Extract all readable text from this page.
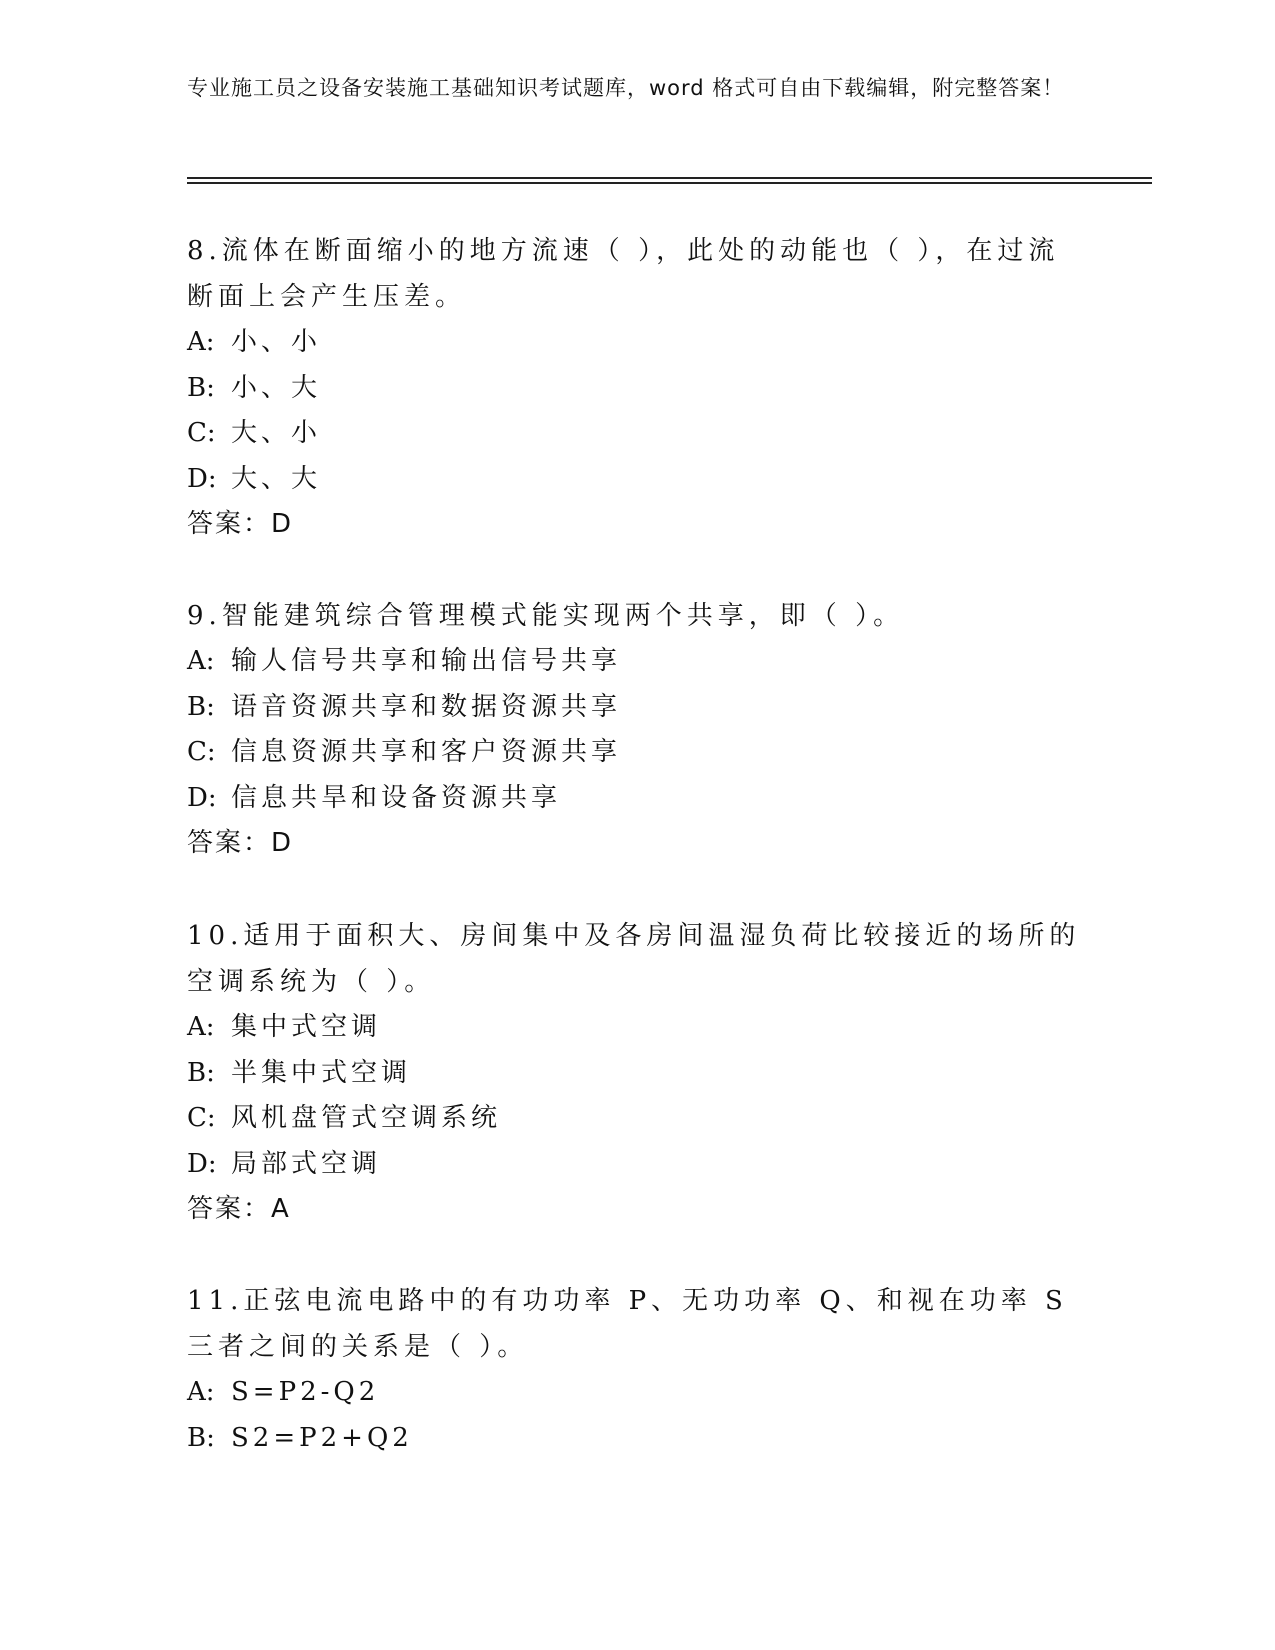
专业施工员之设备安装施工基础知识考试题库，word 格式可自由下载编辑，附完整答案！

8.流体在断面缩小的地方流速（ ），此处的动能也（ ），在过流断面上会产生压差。

A: 小、小

B: 小、大

C: 大、小

D: 大、大

答案：D

9.智能建筑综合管理模式能实现两个共享，即（ ）。

A: 输人信号共享和输出信号共享

B: 语音资源共享和数据资源共享

C: 信息资源共享和客户资源共享

D: 信息共旱和设备资源共享

答案：D

10.适用于面积大、房间集中及各房间温湿负荷比较接近的场所的空调系统为（ ）。

A: 集中式空调

B: 半集中式空调

C: 风机盘管式空调系统

D: 局部式空调

答案：A

11.正弦电流电路中的有功功率 P、无功功率 Q、和视在功率 S 三者之间的关系是（ ）。

A: S=P2-Q2

B: S2=P2+Q2
